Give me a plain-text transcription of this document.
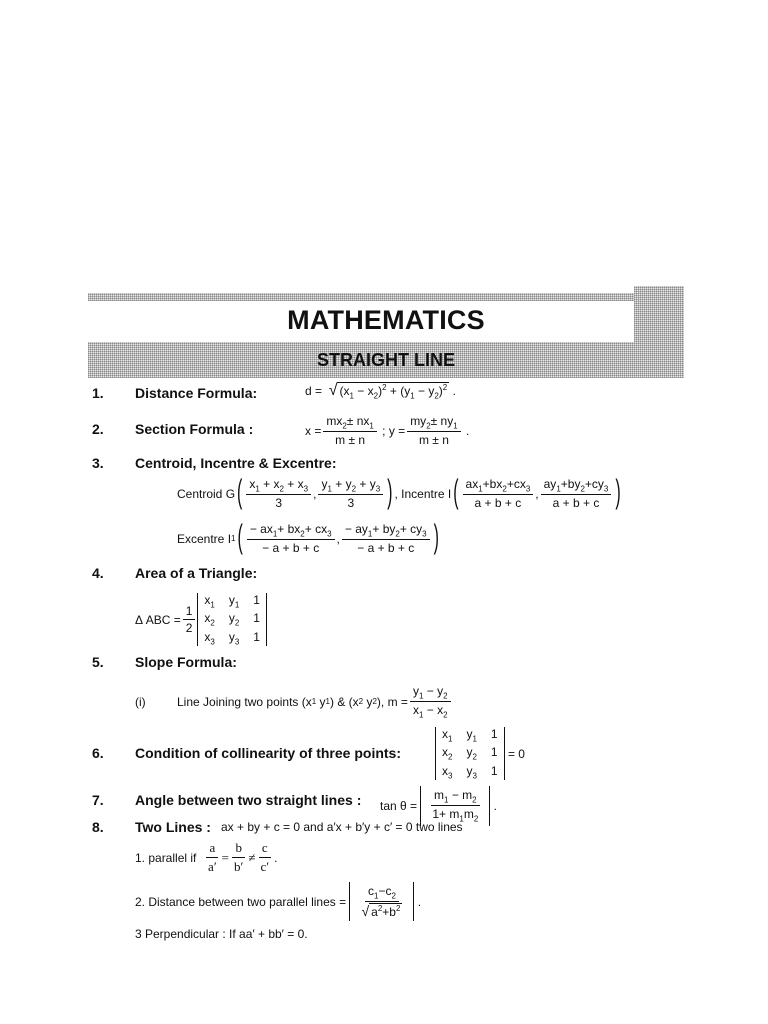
MATHEMATICS
STRAIGHT LINE
1. Distance Formula:	d = √ $(x_1 - x_2)^2 + (y_1 - y_2)^2$ .
2. Section Formula :	$x = \frac{mx_2\pm nx_1}{m \pm n}$ ; $y = \frac{my_2\pm ny_1}{m \pm n}$ .
3. Centroid, Incentre & Excentre:
Centroid G ( $\frac{x_1 + x_2 + x_3}{3}$ , $\frac{y_1 + y_2 + y_3}{3}$ ) , Incentre I ( $\frac{ax_1+bx_2+cx_3}{a + b + c}$ , $\frac{ay_1+by_2+cy_3}{a + b + c}$ )
Excentre I 1 ( $\frac{- ax_1+ bx_2+ cx_3}{- a + b + c}$ , $\frac{- ay_1+ by_2+ cy_3}{- a + b + c}$ )
4. Area of a Triangle:
Δ ABC = $\frac{1}{2}$
$x_1$ $y_1$ 1
$x_2$ $y_2$ 1
$x_3$ $y_3$ 1
5. Slope Formula:
(i)	Line Joining two points (x 1 y 1 ) & (x 2 y 2 ), $m = \frac{y_1 - y_2}{x_1 - x_2}$
6. Condition of collinearity of three points:
$x_1$ $y_1$ 1
$x_2$ $y_2$ 1
$x_3$ $y_3$ 1

= 0
7. Angle between two straight lines : tan θ =
$\frac{m_1 - m_2}{1+ m_1m_2}$ .
8. Two Lines : ax + by + c = 0 and a′x + b′y + c′ = 0 two lines
1. parallel if
$\frac{a}{a'} = \frac{b}{b'} \ne \frac{c}{c'}$ .
2. Distance between two parallel lines =
$\frac{c_1-c_2}{√ a^2+b^2}$ .
3 Perpendicular : If aa′ + bb′ = 0.
